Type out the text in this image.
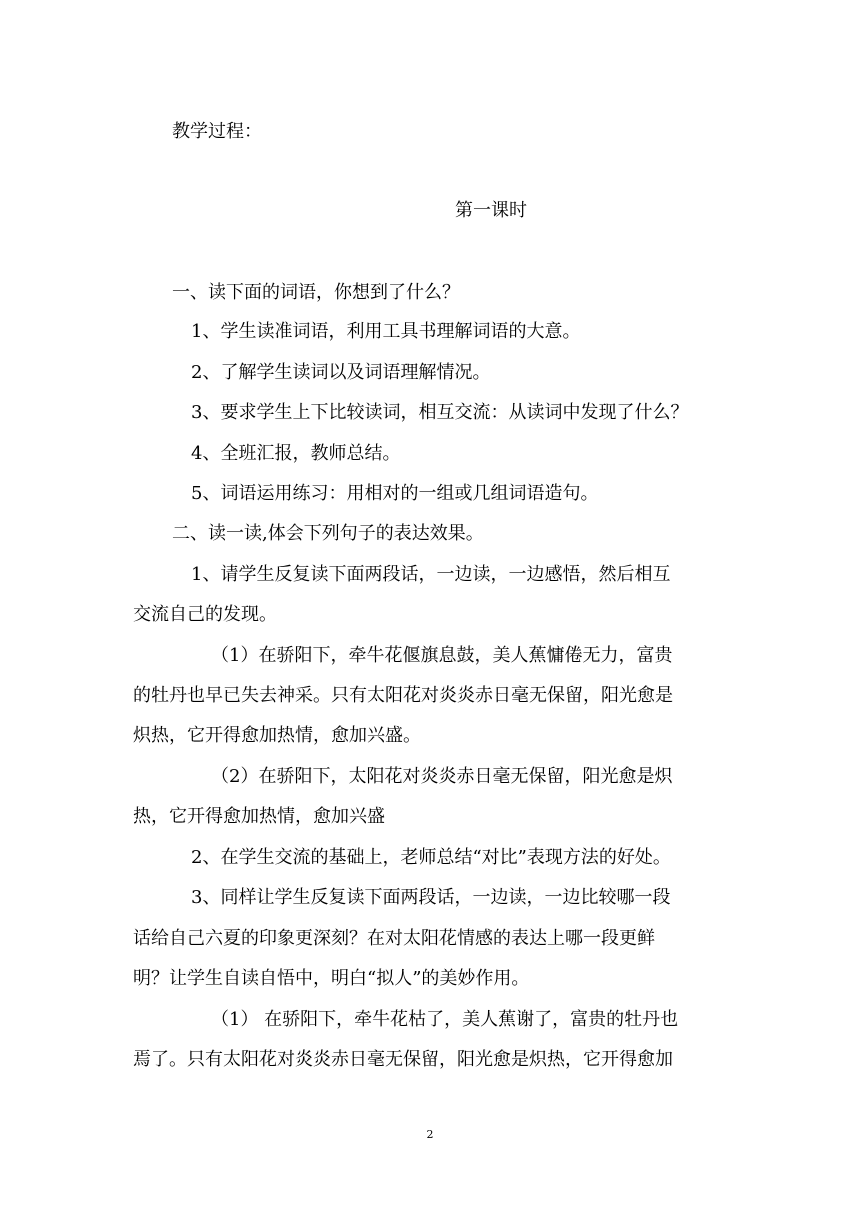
教学过程：

第一课时

一、读下面的词语，你想到了什么？

1、学生读准词语，利用工具书理解词语的大意。

2、了解学生读词以及词语理解情况。

3、要求学生上下比较读词，相互交流：从读词中发现了什么？

4、全班汇报，教师总结。

5、词语运用练习：用相对的一组或几组词语造句。

二、读一读,体会下列句子的表达效果。

1、请学生反复读下面两段话，一边读，一边感悟，然后相互

交流自己的发现。

（1）在骄阳下，牵牛花偃旗息鼓，美人蕉慵倦无力，富贵

的牡丹也早已失去神采。只有太阳花对炎炎赤日毫无保留，阳光愈是

炽热，它开得愈加热情，愈加兴盛。

（2）在骄阳下，太阳花对炎炎赤日毫无保留，阳光愈是炽

热，它开得愈加热情，愈加兴盛

2、在学生交流的基础上，老师总结“对比”表现方法的好处。

3、同样让学生反复读下面两段话，一边读，一边比较哪一段

话给自己六夏的印象更深刻？在对太阳花情感的表达上哪一段更鲜

明？让学生自读自悟中，明白“拟人”的美妙作用。

（1） 在骄阳下，牵牛花枯了，美人蕉谢了，富贵的牡丹也

焉了。只有太阳花对炎炎赤日毫无保留，阳光愈是炽热，它开得愈加

2
